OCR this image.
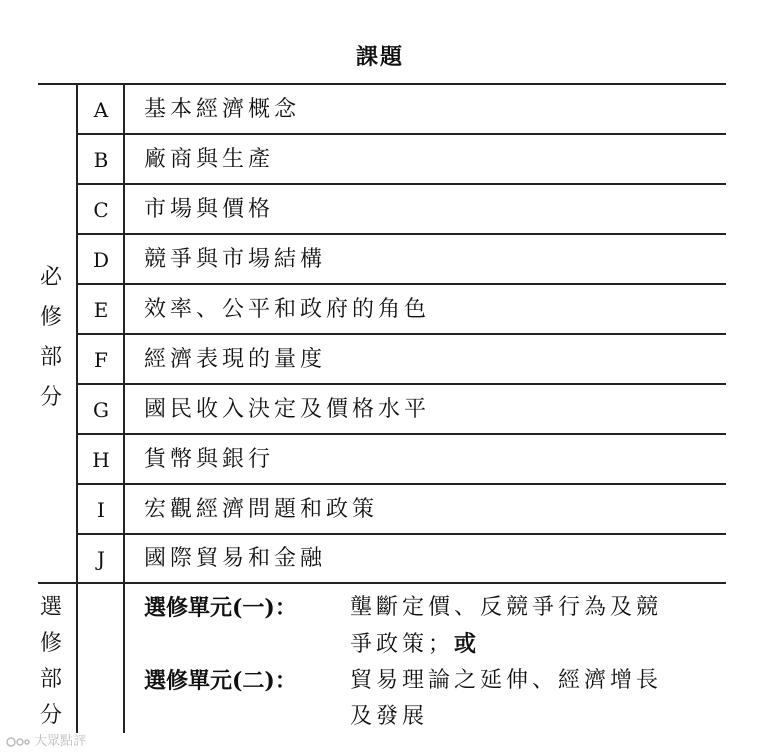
課題
必
修
部
分
A	基本經濟概念
B	廠商與生產
C	市場與價格
D	競爭與市場結構
E	效率、公平和政府的角色
F	經濟表現的量度
G	國民收入決定及價格水平
H	貨幣與銀行
I	宏觀經濟問題和政策
J	國際貿易和金融
選
修
部
分
選修單元(一)： 壟斷定價、反競爭行為及競
爭政策；或
選修單元(二)： 貿易理論之延伸、經濟增長
及發展
大眾點評
